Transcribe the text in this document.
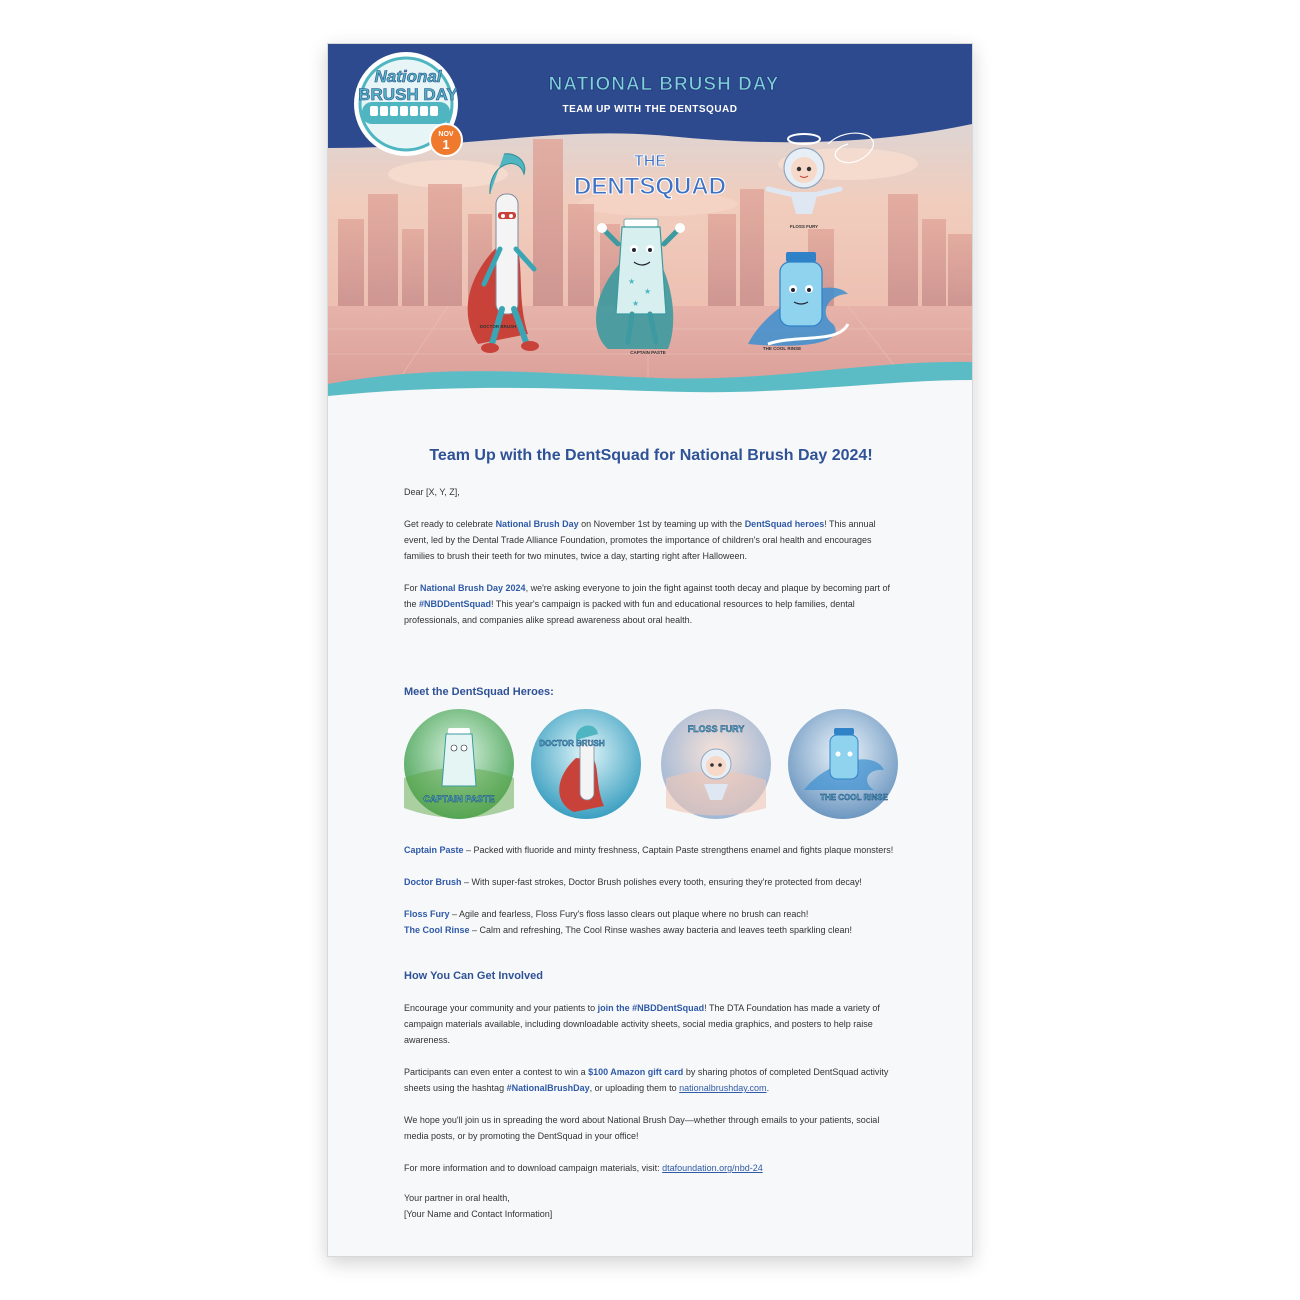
National
BRUSH DAY
NOV
1
NATIONAL BRUSH DAY
TEAM UP WITH THE DENTSQUAD
THE
DENTSQUAD
DOCTOR BRUSH
★
★
★
CAPTAIN PASTE
FLOSS FURY
THE COOL RINSE
Team Up with the DentSquad for National Brush Day 2024!

Dear [X, Y, Z],

Get ready to celebrate National Brush Day on November 1st by teaming up with the DentSquad heroes! This annual event, led by the Dental Trade Alliance Foundation, promotes the importance of children's oral health and encourages families to brush their teeth for two minutes, twice a day, starting right after Halloween.

For National Brush Day 2024, we're asking everyone to join the fight against tooth decay and plaque by becoming part of the #NBDDentSquad! This year's campaign is packed with fun and educational resources to help families, dental professionals, and companies alike spread awareness about oral health.

Meet the DentSquad Heroes:
CAPTAIN PASTE
DOCTOR BRUSH
FLOSS FURY
THE COOL RINSE

Captain Paste – Packed with fluoride and minty freshness, Captain Paste strengthens enamel and fights plaque monsters!

Doctor Brush – With super-fast strokes, Doctor Brush polishes every tooth, ensuring they're protected from decay!

Floss Fury – Agile and fearless, Floss Fury's floss lasso clears out plaque where no brush can reach!

The Cool Rinse – Calm and refreshing, The Cool Rinse washes away bacteria and leaves teeth sparkling clean!

How You Can Get Involved

Encourage your community and your patients to join the #NBDDentSquad! The DTA Foundation has made a variety of campaign materials available, including downloadable activity sheets, social media graphics, and posters to help raise awareness.

Participants can even enter a contest to win a $100 Amazon gift card by sharing photos of completed DentSquad activity sheets using the hashtag #NationalBrushDay, or uploading them to nationalbrushday.com.

We hope you'll join us in spreading the word about National Brush Day—whether through emails to your patients, social media posts, or by promoting the DentSquad in your office!

For more information and to download campaign materials, visit: dtafoundation.org/nbd-24

Your partner in oral health,

[Your Name and Contact Information]
